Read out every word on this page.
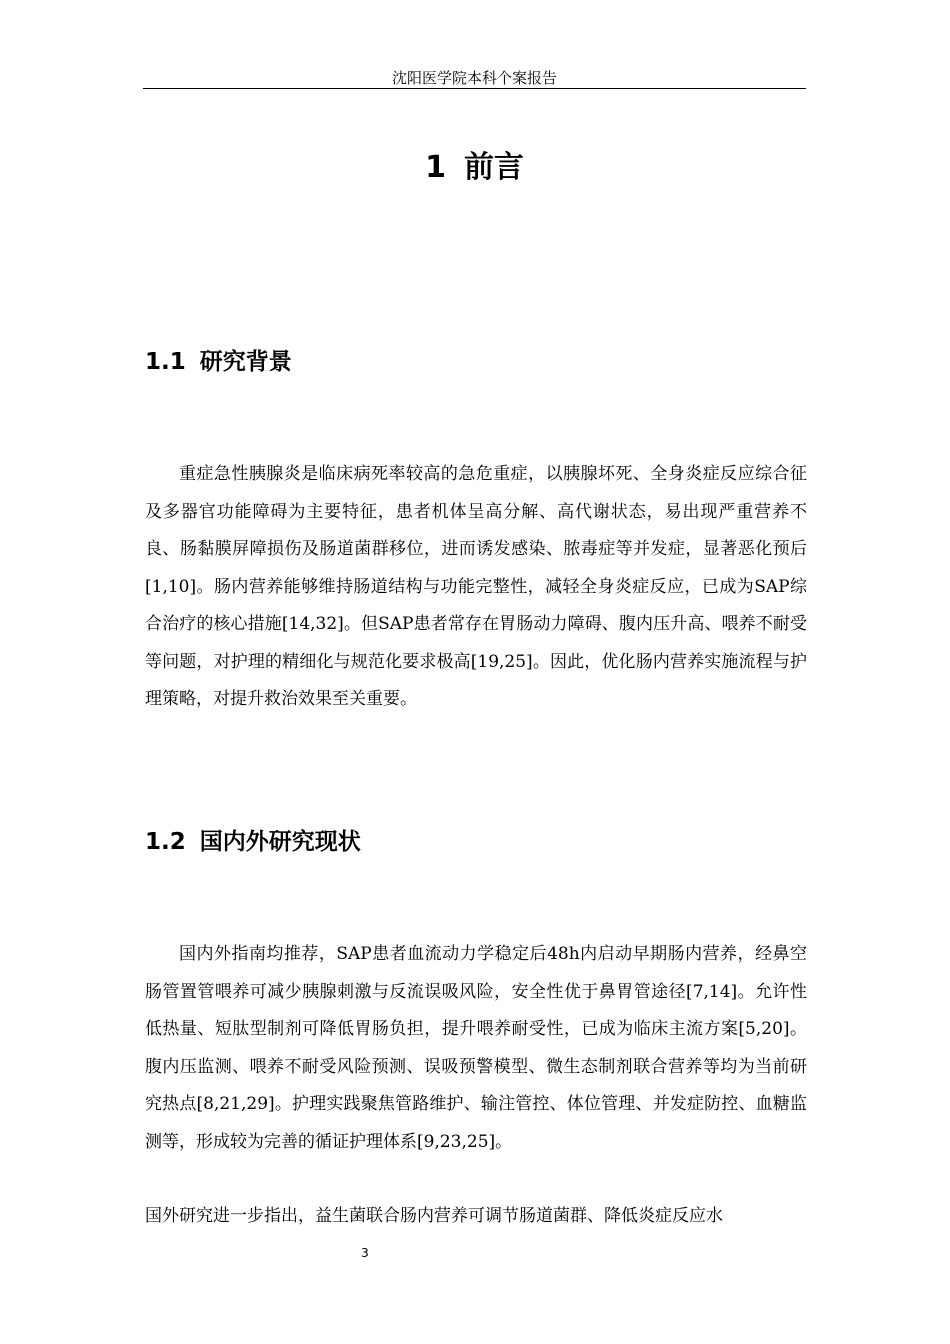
沈阳医学院本科个案报告
1 前言
1.1 研究背景

重症急性胰腺炎是临床病死率较高的急危重症，以胰腺坏死、全身炎症反应综合征及多器官功能障碍为主要特征，患者机体呈高分解、高代谢状态，易出现严重营养不良、肠黏膜屏障损伤及肠道菌群移位，进而诱发感染、脓毒症等并发症，显著恶化预后[1,10]。肠内营养能够维持肠道结构与功能完整性，减轻全身炎症反应，已成为SAP综合治疗的核心措施[14,32]。但SAP患者常存在胃肠动力障碍、腹内压升高、喂养不耐受等问题，对护理的精细化与规范化要求极高[19,25]。因此，优化肠内营养实施流程与护理策略，对提升救治效果至关重要。

1.2 国内外研究现状

国内外指南均推荐，SAP患者血流动力学稳定后48h内启动早期肠内营养，经鼻空肠管置管喂养可减少胰腺刺激与反流误吸风险，安全性优于鼻胃管途径[7,14]。允许性低热量、短肽型制剂可降低胃肠负担，提升喂养耐受性，已成为临床主流方案[5,20]。腹内压监测、喂养不耐受风险预测、误吸预警模型、微生态制剂联合营养等均为当前研究热点[8,21,29]。护理实践聚焦管路维护、输注管控、体位管理、并发症防控、血糖监测等，形成较为完善的循证护理体系[9,23,25]。

国外研究进一步指出，益生菌联合肠内营养可调节肠道菌群、降低炎症反应水

3
